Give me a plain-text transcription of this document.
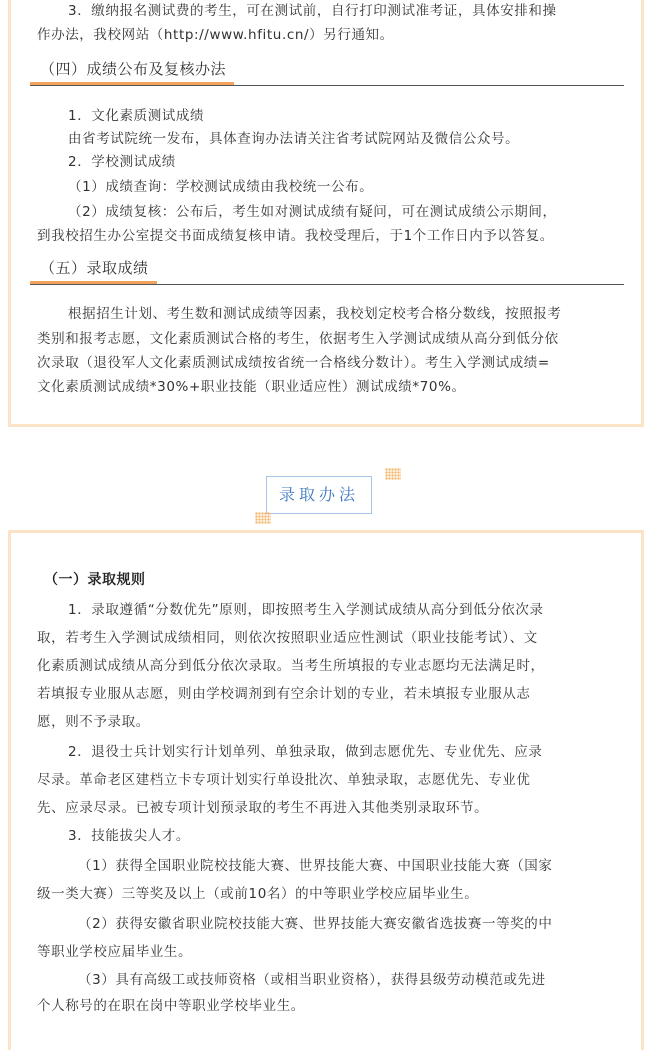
3．缴纳报名测试费的考生，可在测试前，自行打印测试准考证，具体安排和操

作办法，我校网站（http://www.hfitu.cn/）另行通知。

（四）成绩公布及复核办法

1．文化素质测试成绩

由省考试院统一发布，具体查询办法请关注省考试院网站及微信公众号。

2．学校测试成绩

（1）成绩查询：学校测试成绩由我校统一公布。

（2）成绩复核：公布后，考生如对测试成绩有疑问，可在测试成绩公示期间，

到我校招生办公室提交书面成绩复核申请。我校受理后，于1个工作日内予以答复。

（五）录取成绩

根据招生计划、考生数和测试成绩等因素，我校划定校考合格分数线，按照报考

类别和报考志愿，文化素质测试合格的考生，依据考生入学测试成绩从高分到低分依

次录取（退役军人文化素质测试成绩按省统一合格线分数计）。考生入学测试成绩=

文化素质测试成绩*30%+职业技能（职业适应性）测试成绩*70%。

录取办法

（一）录取规则

1．录取遵循“分数优先”原则，即按照考生入学测试成绩从高分到低分依次录

取，若考生入学测试成绩相同，则依次按照职业适应性测试（职业技能考试）、文

化素质测试成绩从高分到低分依次录取。当考生所填报的专业志愿均无法满足时，

若填报专业服从志愿，则由学校调剂到有空余计划的专业，若未填报专业服从志

愿，则不予录取。

2．退役士兵计划实行计划单列、单独录取，做到志愿优先、专业优先、应录

尽录。革命老区建档立卡专项计划实行单设批次、单独录取，志愿优先、专业优

先、应录尽录。已被专项计划预录取的考生不再进入其他类别录取环节。

3．技能拔尖人才。

（1）获得全国职业院校技能大赛、世界技能大赛、中国职业技能大赛（国家

级一类大赛）三等奖及以上（或前10名）的中等职业学校应届毕业生。

（2）获得安徽省职业院校技能大赛、世界技能大赛安徽省选拔赛一等奖的中

等职业学校应届毕业生。

（3）具有高级工或技师资格（或相当职业资格），获得县级劳动模范或先进

个人称号的在职在岗中等职业学校毕业生。
